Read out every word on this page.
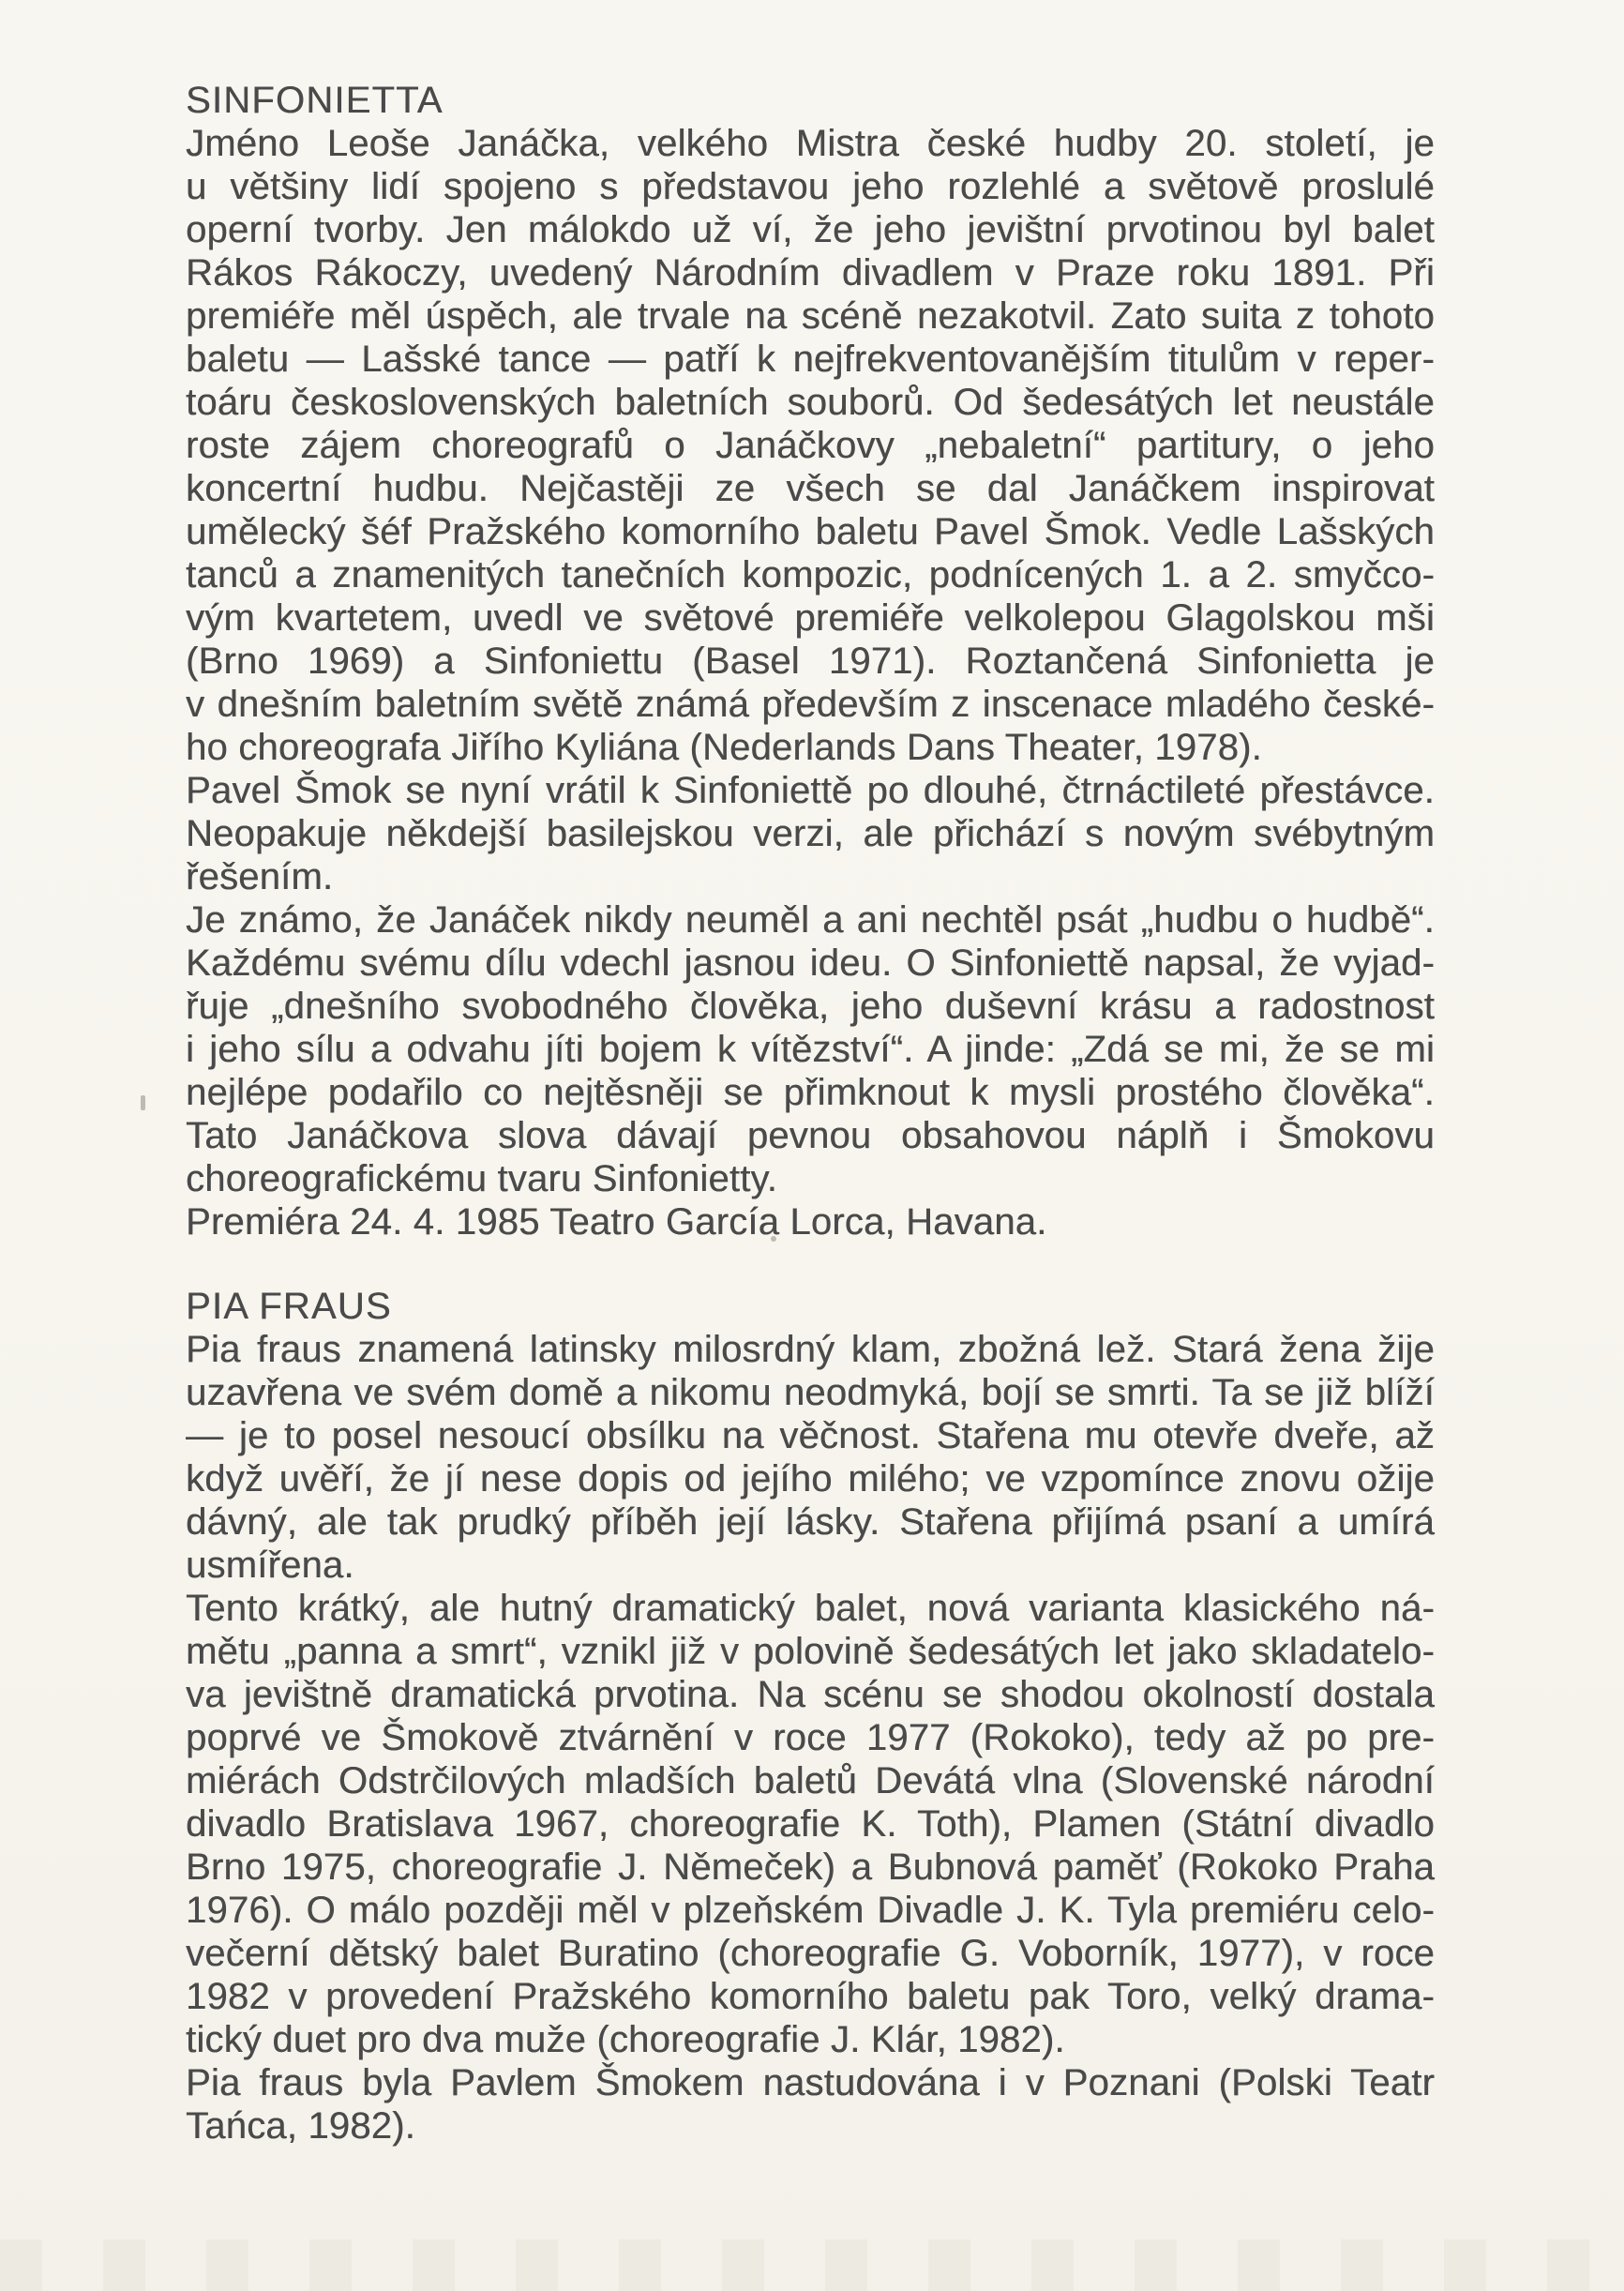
SINFONIETTA

Jméno Leoše Janáčka, velkého Mistra české hudby 20. století, je
u většiny lidí spojeno s představou jeho rozlehlé a světově proslulé
operní tvorby. Jen málokdo už ví, že jeho jevištní prvotinou byl balet
Rákos Rákoczy, uvedený Národním divadlem v Praze roku 1891. Při
premiéře měl úspěch, ale trvale na scéně nezakotvil. Zato suita z tohoto
baletu — Lašské tance — patří k nejfrekventovanějším titulům v reper-
toáru československých baletních souborů. Od šedesátých let neustále
roste zájem choreografů o Janáčkovy „nebaletní“ partitury, o jeho
koncertní hudbu. Nejčastěji ze všech se dal Janáčkem inspirovat
umělecký šéf Pražského komorního baletu Pavel Šmok. Vedle Lašských
tanců a znamenitých tanečních kompozic, podnícených 1. a 2. smyčco-
vým kvartetem, uvedl ve světové premiéře velkolepou Glagolskou mši
(Brno 1969) a Sinfoniettu (Basel 1971). Roztančená Sinfonietta je
v dnešním baletním světě známá především z inscenace mladého české-
ho choreografa Jiřího Kyliána (Nederlands Dans Theater, 1978).

Pavel Šmok se nyní vrátil k Sinfoniettě po dlouhé, čtrnáctileté přestávce.
Neopakuje někdejší basilejskou verzi, ale přichází s novým svébytným
řešením.

Je známo, že Janáček nikdy neuměl a ani nechtěl psát „hudbu o hudbě“.
Každému svému dílu vdechl jasnou ideu. O Sinfoniettě napsal, že vyjad-
řuje „dnešního svobodného člověka, jeho duševní krásu a radostnost
i jeho sílu a odvahu jíti bojem k vítězství“. A jinde: „Zdá se mi, že se mi
nejlépe podařilo co nejtěsněji se přimknout k mysli prostého člověka“.
Tato Janáčkova slova dávají pevnou obsahovou náplň i Šmokovu
choreografickému tvaru Sinfonietty.

Premiéra 24. 4. 1985 Teatro García Lorca, Havana.

PIA FRAUS

Pia fraus znamená latinsky milosrdný klam, zbožná lež. Stará žena žije
uzavřena ve svém domě a nikomu neodmyká, bojí se smrti. Ta se již blíží
— je to posel nesoucí obsílku na věčnost. Stařena mu otevře dveře, až
když uvěří, že jí nese dopis od jejího milého; ve vzpomínce znovu ožije
dávný, ale tak prudký příběh její lásky. Stařena přijímá psaní a umírá
usmířena.

Tento krátký, ale hutný dramatický balet, nová varianta klasického ná-
mětu „panna a smrt“, vznikl již v polovině šedesátých let jako skladatelo-
va jevištně dramatická prvotina. Na scénu se shodou okolností dostala
poprvé ve Šmokově ztvárnění v roce 1977 (Rokoko), tedy až po pre-
miérách Odstrčilových mladších baletů Devátá vlna (Slovenské národní
divadlo Bratislava 1967, choreografie K. Toth), Plamen (Státní divadlo
Brno 1975, choreografie J. Němeček) a Bubnová paměť (Rokoko Praha
1976). O málo později měl v plzeňském Divadle J. K. Tyla premiéru celo-
večerní dětský balet Buratino (choreografie G. Voborník, 1977), v roce
1982 v provedení Pražského komorního baletu pak Toro, velký drama-
tický duet pro dva muže (choreografie J. Klár, 1982).

Pia fraus byla Pavlem Šmokem nastudována i v Poznani (Polski Teatr
Tańca, 1982).
